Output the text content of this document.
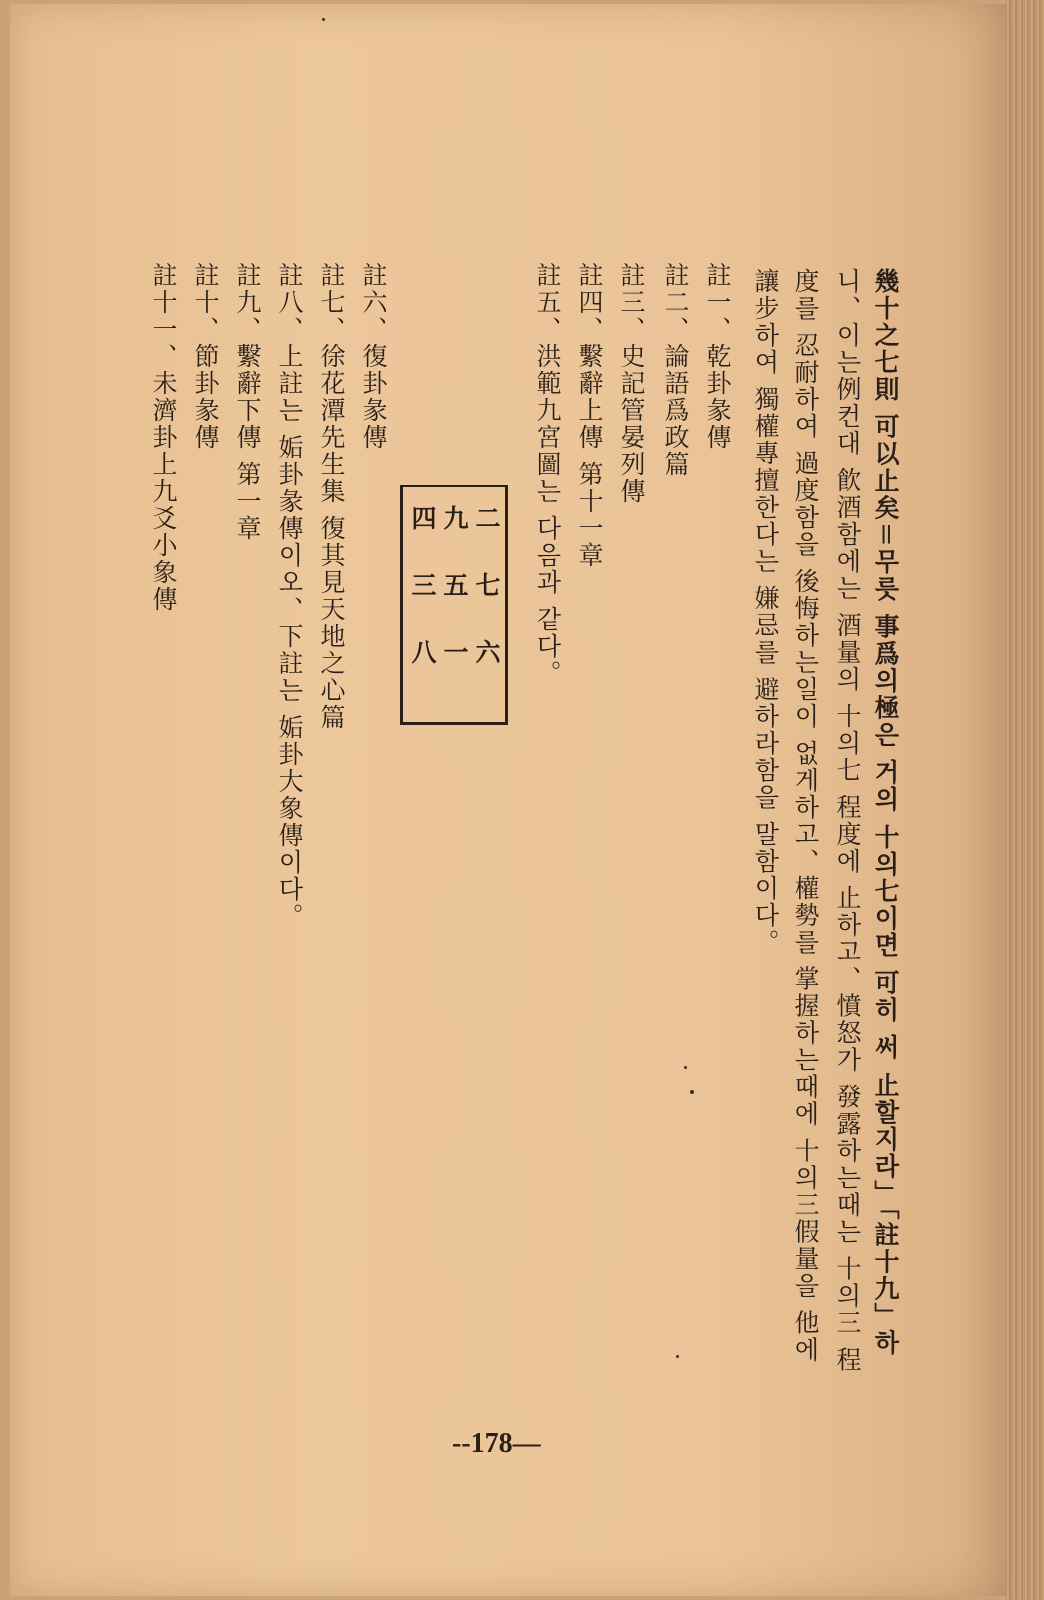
幾十之七則 可以止矣＝무릇 事爲의極은 거의 十의七이면 可히 써 止할지라」「註十九」하
니、이는例컨대 飮酒함에는 酒量의 十의七 程度에 止하고、憤怒가 發露하는때는 十의三 程
度를 忍耐하여 過度함을 後悔하는일이 없게하고、權勢를 掌握하는때에 十의三假量을 他에
讓步하여 獨權專擅한다는 嫌忌를 避하라함을 말함이다。
註一、乾卦彖傳
註二、論語爲政篇
註三、史記管晏列傳
註四、繫辭上傳 第十一章
註五、洪範九宮圖는 다음과 같다。
註六、復卦彖傳
註七、徐花潭先生集 復其見天地之心篇
註八、上註는 姤卦彖傳이오、下註는 姤卦大象傳이다。
註九、繫辭下傳 第一章
註十、節卦彖傳
註十一、未濟卦上九爻小象傳	二七六
九五一
四三八
--178—
